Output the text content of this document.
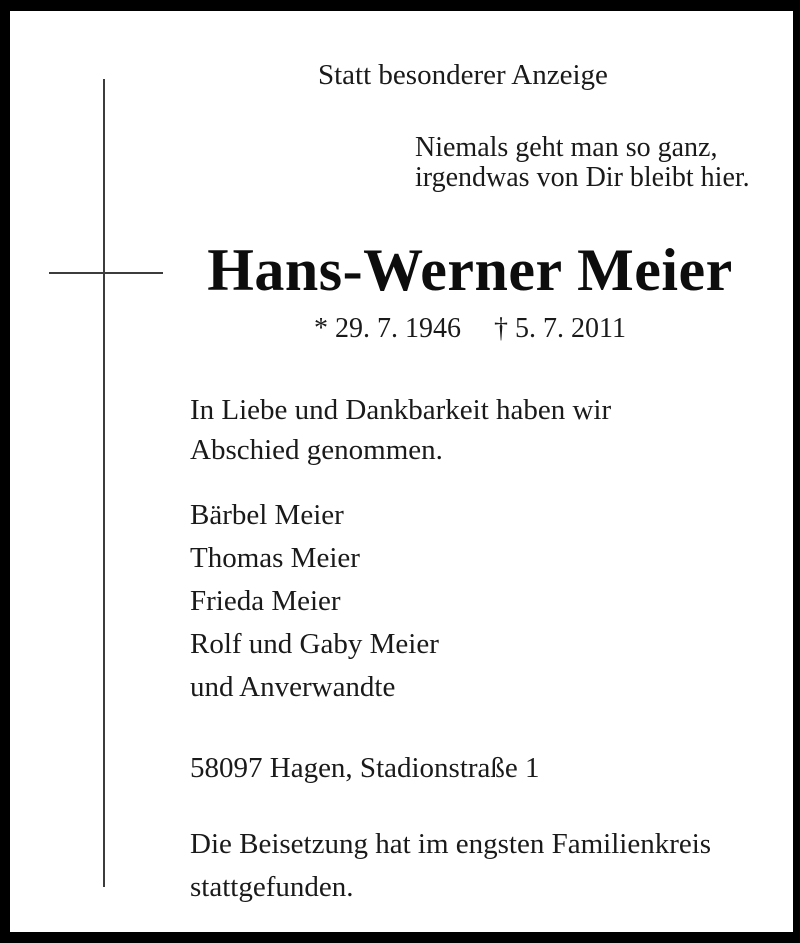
Statt besonderer Anzeige
Niemals geht man so ganz,
irgendwas von Dir bleibt hier.
Hans-Werner Meier
* 29. 7. 1946 † 5. 7. 2011
In Liebe und Dankbarkeit haben wir
Abschied genommen.
Bärbel Meier
Thomas Meier
Frieda Meier
Rolf und Gaby Meier
und Anverwandte
58097 Hagen, Stadionstraße 1
Die Beisetzung hat im engsten Familienkreis
stattgefunden.
